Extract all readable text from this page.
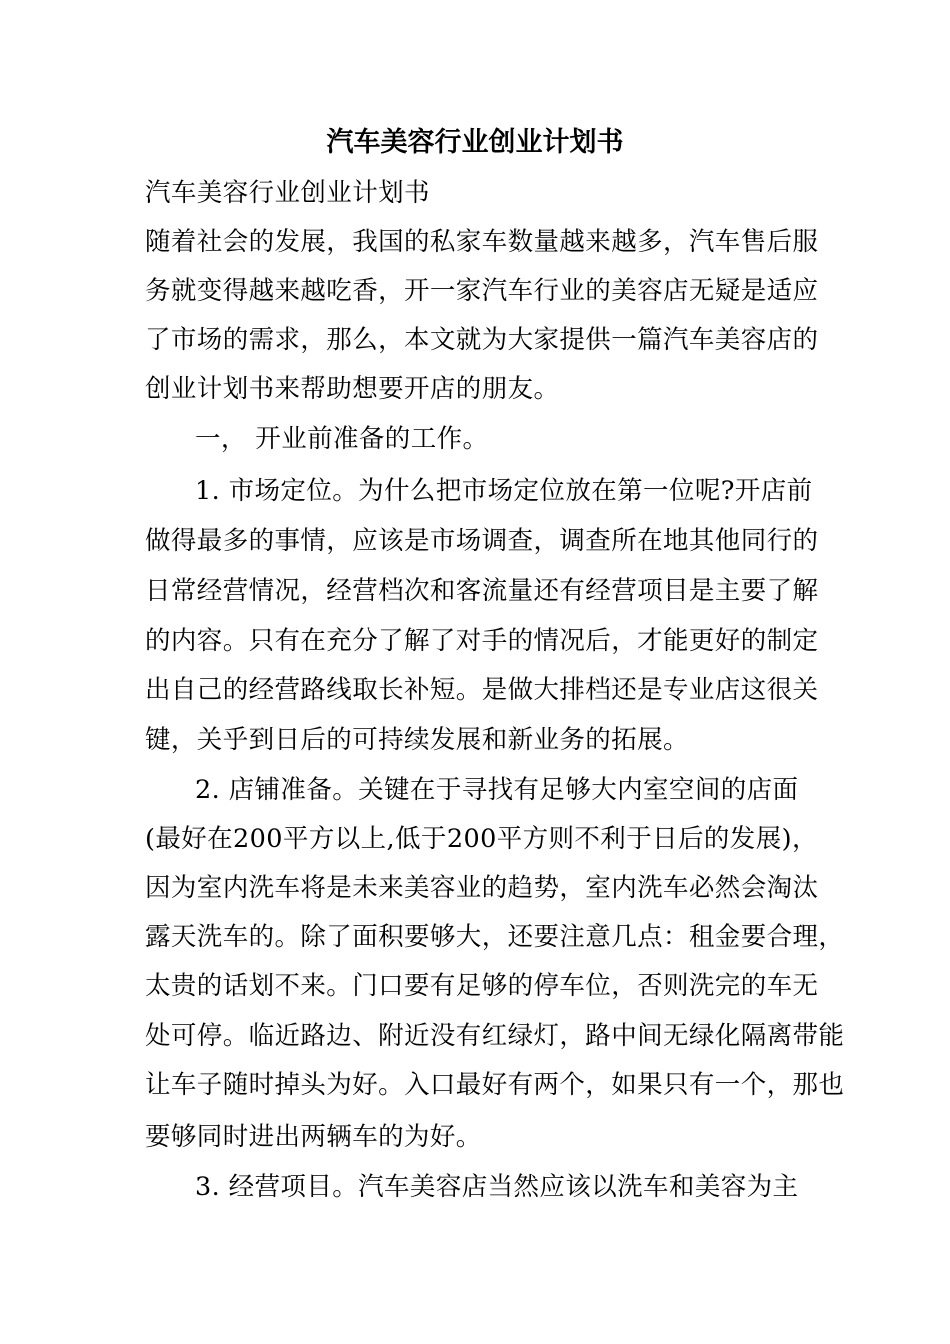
汽车美容行业创业计划书
汽车美容行业创业计划书
随着社会的发展，我国的私家车数量越来越多，汽车售后服
务就变得越来越吃香，开一家汽车行业的美容店无疑是适应
了市场的需求，那么，本文就为大家提供一篇汽车美容店的
创业计划书来帮助想要开店的朋友。
一， 开业前准备的工作。
1. 市场定位。为什么把市场定位放在第一位呢?开店前
做得最多的事情，应该是市场调查，调查所在地其他同行的
日常经营情况，经营档次和客流量还有经营项目是主要了解
的内容。只有在充分了解了对手的情况后，才能更好的制定
出自己的经营路线取长补短。是做大排档还是专业店这很关
键，关乎到日后的可持续发展和新业务的拓展。
2. 店铺准备。关键在于寻找有足够大内室空间的店面
(最好在200平方以上,低于200平方则不利于日后的发展)，
因为室内洗车将是未来美容业的趋势，室内洗车必然会淘汰
露天洗车的。除了面积要够大，还要注意几点：租金要合理，
太贵的话划不来。门口要有足够的停车位，否则洗完的车无
处可停。临近路边、附近没有红绿灯，路中间无绿化隔离带能
让车子随时掉头为好。入口最好有两个，如果只有一个，那也
要够同时进出两辆车的为好。
3. 经营项目。汽车美容店当然应该以洗车和美容为主
